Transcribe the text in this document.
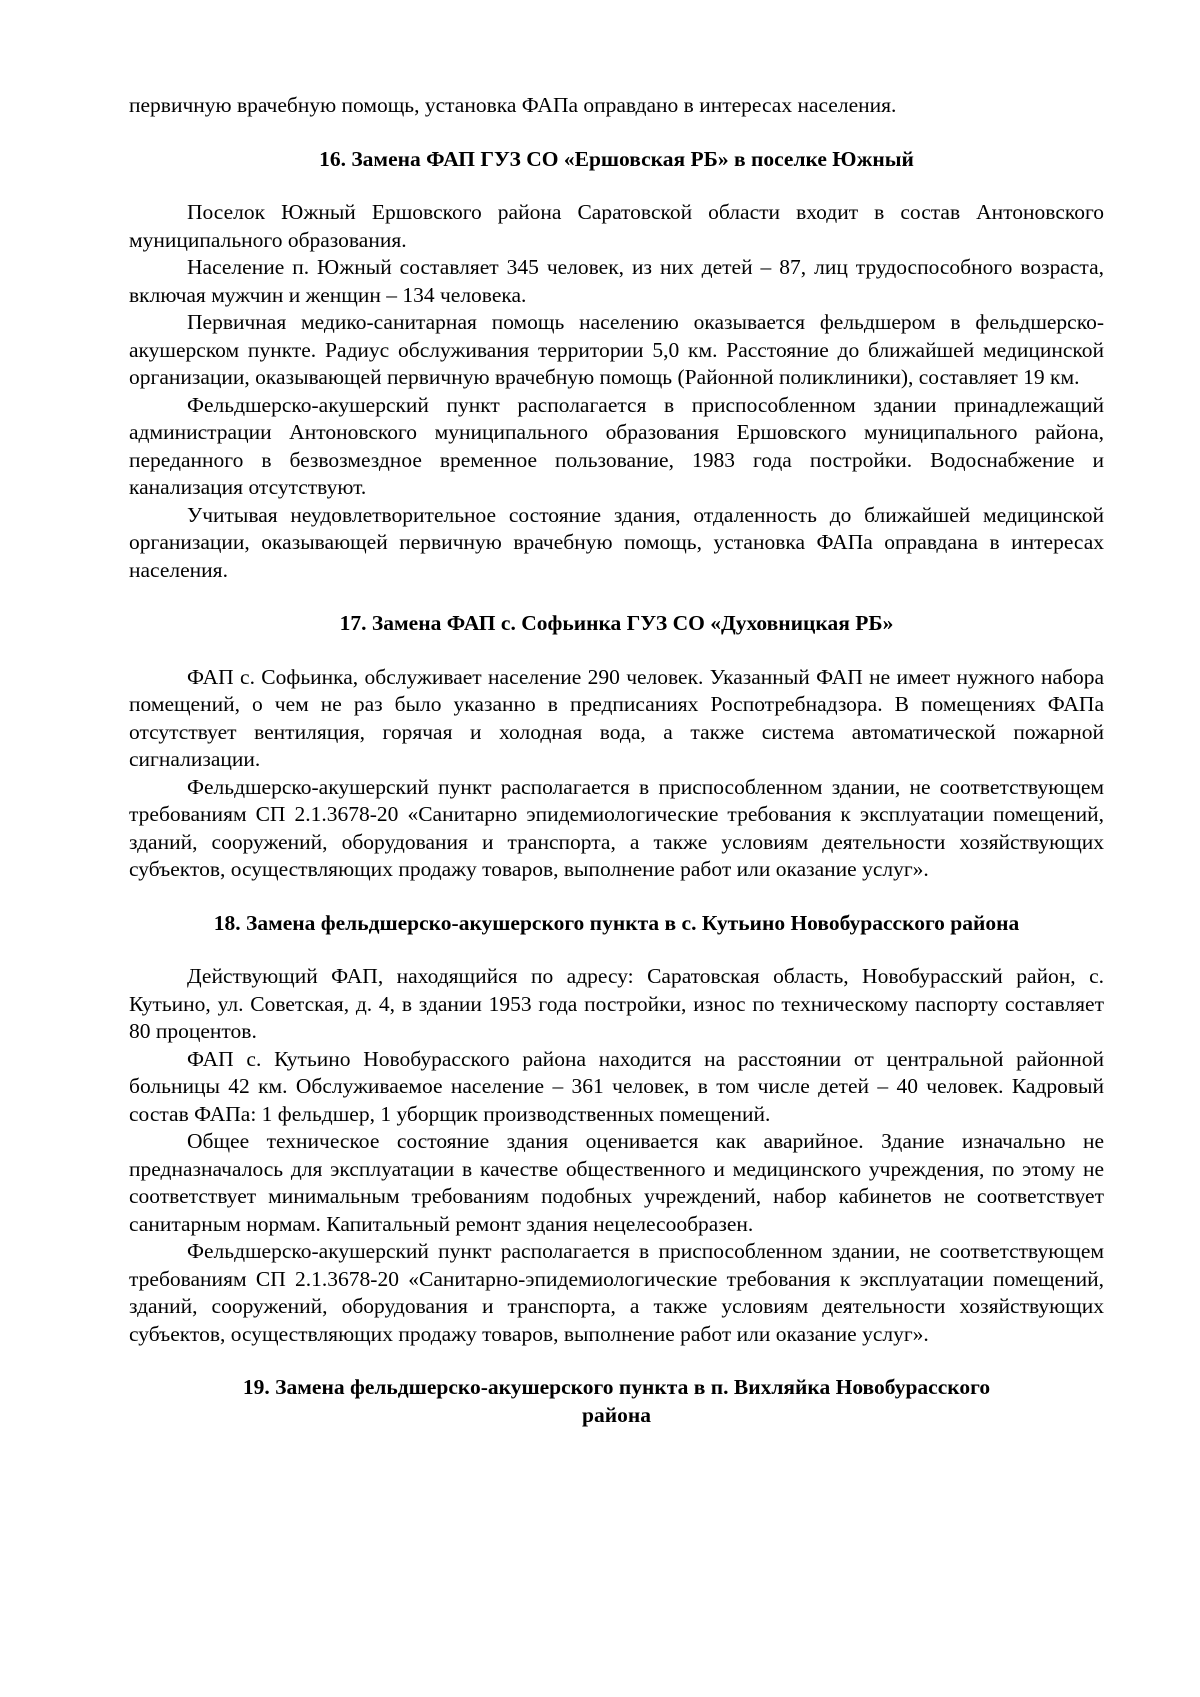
первичную врачебную помощь, установка ФАПа оправдано в интересах населения.

16. Замена ФАП ГУЗ СО «Ершовская РБ» в поселке Южный

Поселок Южный Ершовского района Саратовской области входит в состав Антоновского муниципального образования.

Население п. Южный составляет 345 человек, из них детей – 87, лиц трудоспособного возраста, включая мужчин и женщин – 134 человека.

Первичная медико-санитарная помощь населению оказывается фельдшером в фельдшерско-акушерском пункте. Радиус обслуживания территории 5,0 км. Расстояние до ближайшей медицинской организации, оказывающей первичную врачебную помощь (Районной поликлиники), составляет 19 км.

Фельдшерско-акушерский пункт располагается в приспособленном здании принадлежащий администрации Антоновского муниципального образования Ершовского муниципального района, переданного в безвозмездное временное пользование, 1983 года постройки. Водоснабжение и канализация отсутствуют.

Учитывая неудовлетворительное состояние здания, отдаленность до ближайшей медицинской организации, оказывающей первичную врачебную помощь, установка ФАПа оправдана в интересах населения.

17. Замена ФАП с. Софьинка ГУЗ СО «Духовницкая РБ»

ФАП с. Софьинка, обслуживает население 290 человек. Указанный ФАП не имеет нужного набора помещений, о чем не раз было указанно в предписаниях Роспотребнадзора. В помещениях ФАПа отсутствует вентиляция, горячая и холодная вода, а также система автоматической пожарной сигнализации.

Фельдшерско-акушерский пункт располагается в приспособленном здании, не соответствующем требованиям СП 2.1.3678-20 «Санитарно эпидемиологические требования к эксплуатации помещений, зданий, сооружений, оборудования и транспорта, а также условиям деятельности хозяйствующих субъектов, осуществляющих продажу товаров, выполнение работ или оказание услуг».

18. Замена фельдшерско-акушерского пункта в с. Кутьино Новобурасского района

Действующий ФАП, находящийся по адресу: Саратовская область, Новобурасский район, с. Кутьино, ул. Советская, д. 4, в здании 1953 года постройки, износ по техническому паспорту составляет 80 процентов.

ФАП с. Кутьино Новобурасского района находится на расстоянии от центральной районной больницы 42 км. Обслуживаемое население – 361 человек, в том числе детей – 40 человек. Кадровый состав ФАПа: 1 фельдшер, 1 уборщик производственных помещений.

Общее техническое состояние здания оценивается как аварийное. Здание изначально не предназначалось для эксплуатации в качестве общественного и медицинского учреждения, по этому не соответствует минимальным требованиям подобных учреждений, набор кабинетов не соответствует санитарным нормам. Капитальный ремонт здания нецелесообразен.

Фельдшерско-акушерский пункт располагается в приспособленном здании, не соответствующем требованиям СП 2.1.3678-20 «Санитарно-эпидемиологические требования к эксплуатации помещений, зданий, сооружений, оборудования и транспорта, а также условиям деятельности хозяйствующих субъектов, осуществляющих продажу товаров, выполнение работ или оказание услуг».

19. Замена фельдшерско-акушерского пункта в п. Вихляйка Новобурасского
района
